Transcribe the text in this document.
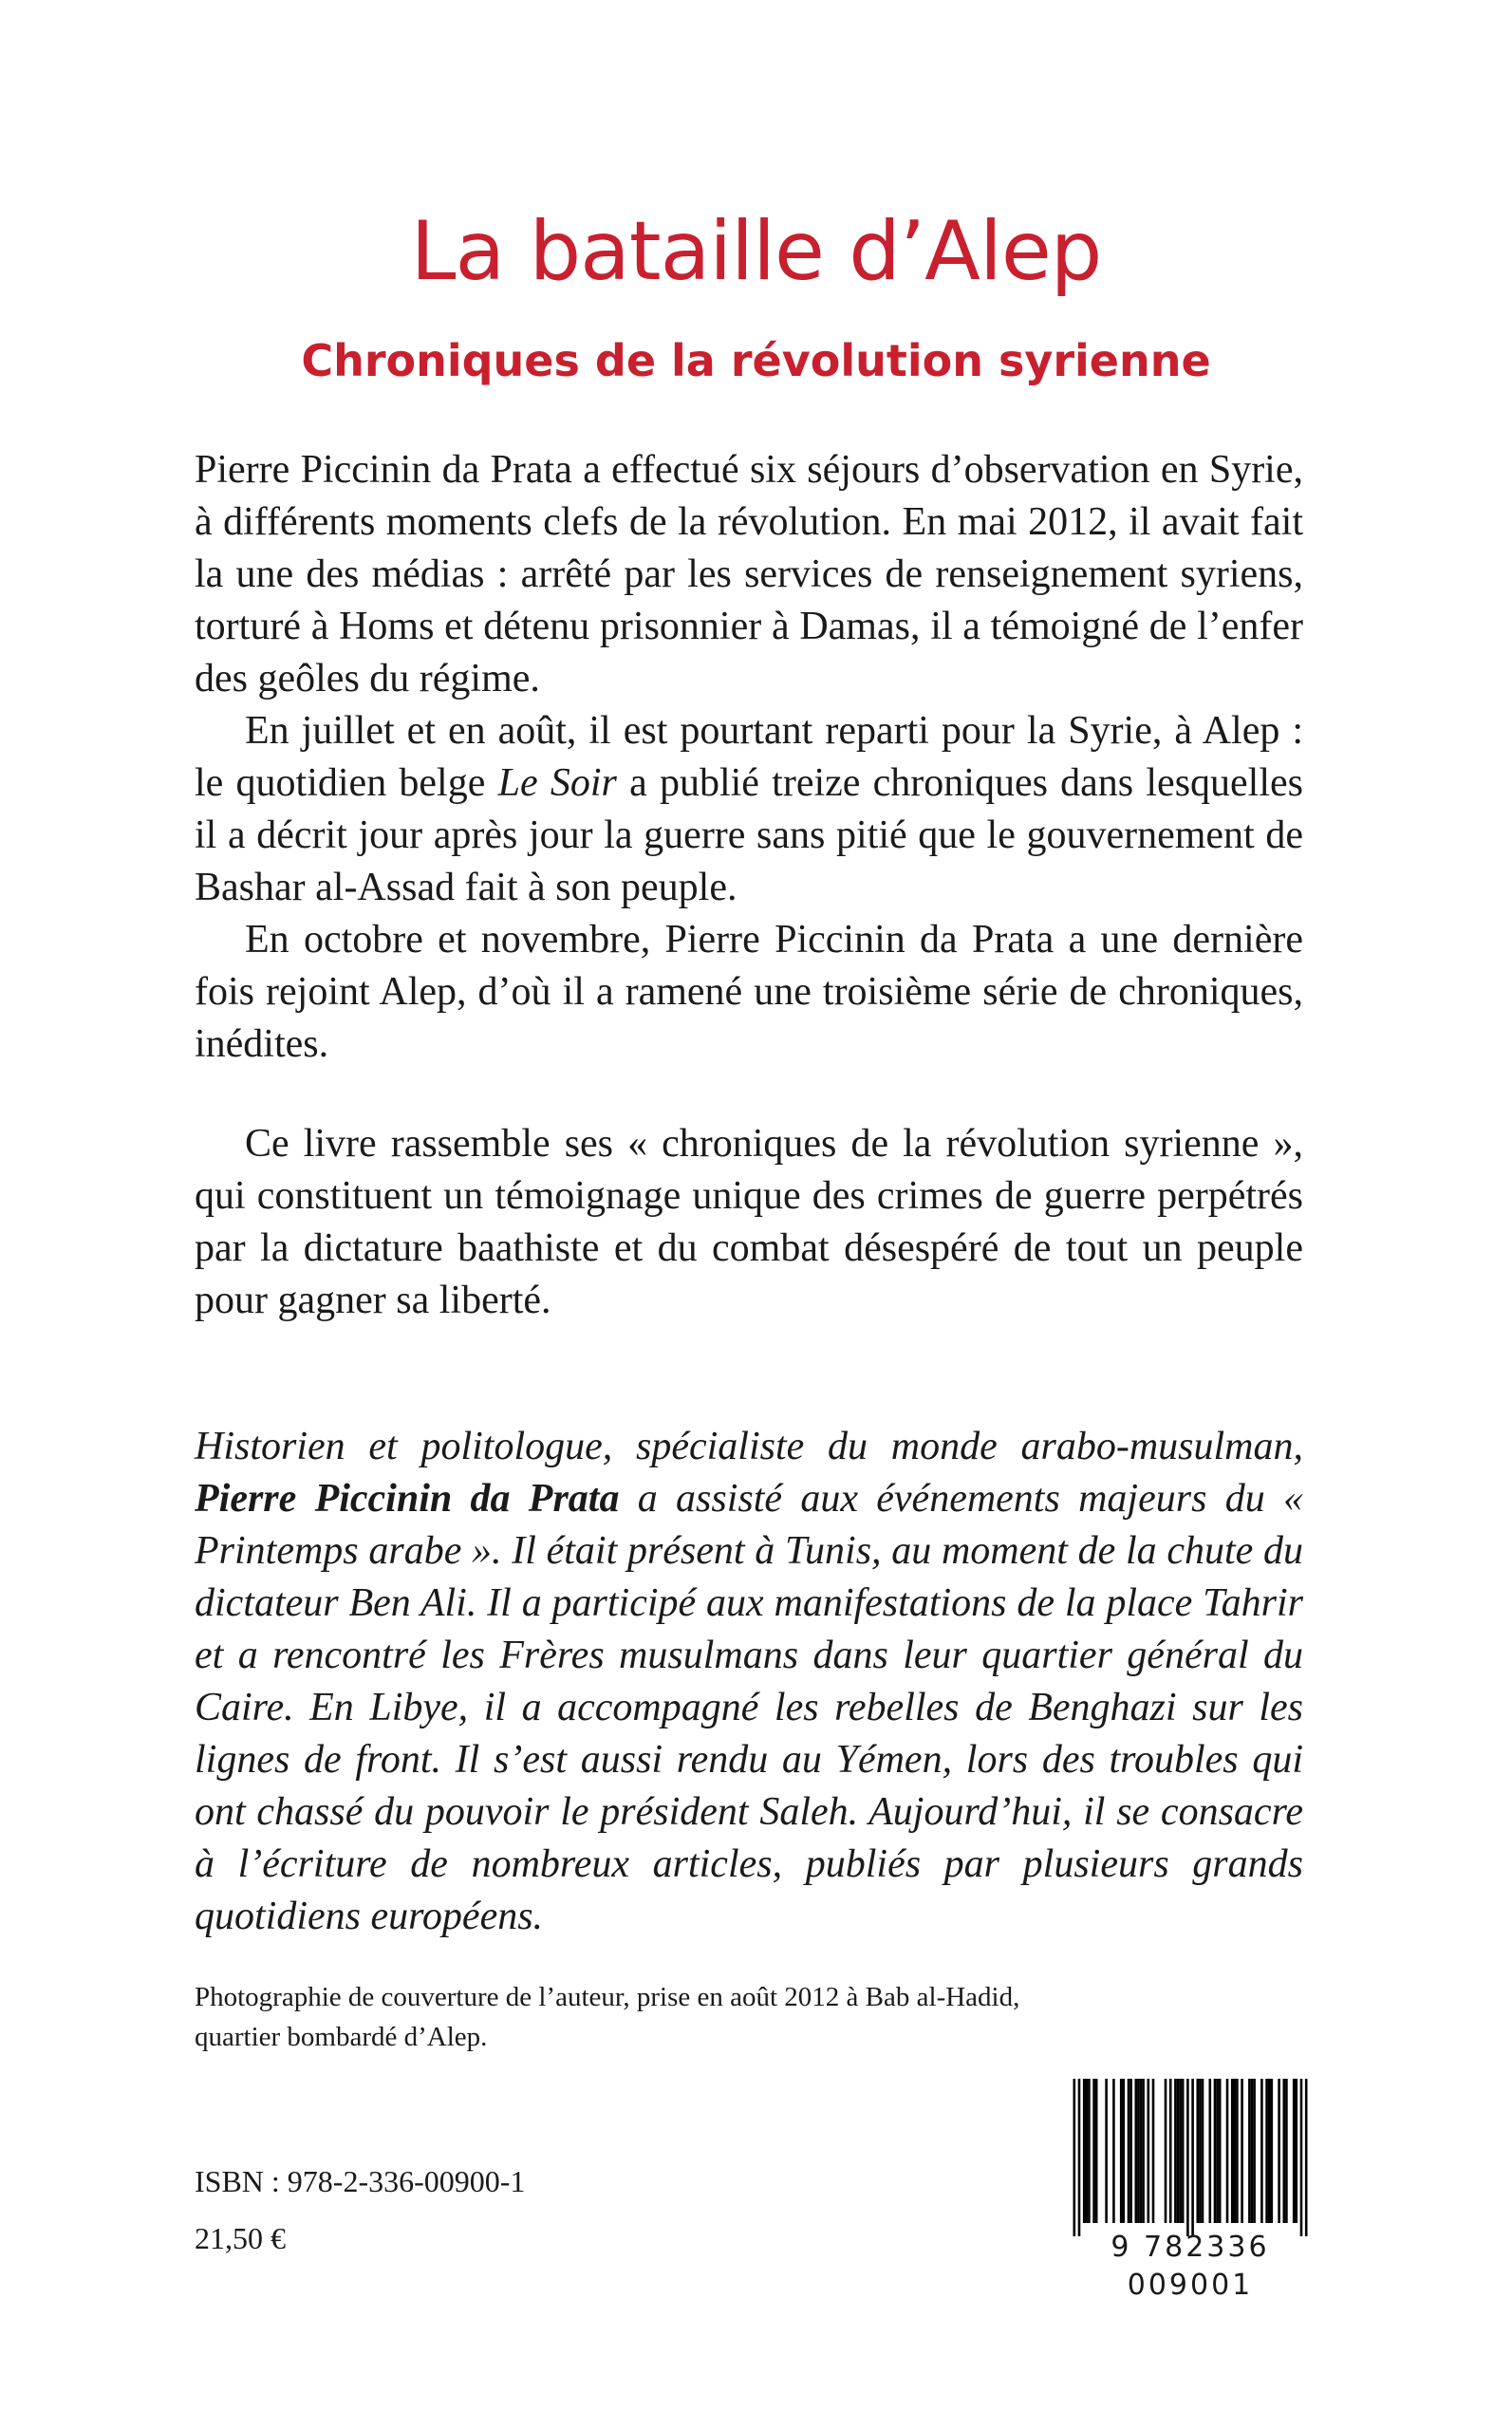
La bataille d’Alep
Chroniques de la révolution syrienne

Pierre Piccinin da Prata a effectué six séjours d’observation en Syrie, à différents moments clefs de la révolution. En mai 2012, il avait fait la une des médias : arrêté par les services de renseignement syriens, torturé à Homs et détenu prisonnier à Damas, il a témoigné de l’enfer des geôles du régime.

En juillet et en août, il est pourtant reparti pour la Syrie, à Alep : le quotidien belge Le Soir a publié treize chroniques dans lesquelles il a décrit jour après jour la guerre sans pitié que le gouvernement de Bashar al-Assad fait à son peuple.

En octobre et novembre, Pierre Piccinin da Prata a une dernière fois rejoint Alep, d’où il a ramené une troisième série de chroniques, inédites.

Ce livre rassemble ses « chroniques de la révolution syrienne », qui constituent un témoignage unique des crimes de guerre perpétrés par la dictature baathiste et du combat désespéré de tout un peuple pour gagner sa liberté.

Historien et politologue, spécialiste du monde arabo-musulman, Pierre Piccinin da Prata a assisté aux événements majeurs du « Printemps arabe ». Il était présent à Tunis, au moment de la chute du dictateur Ben Ali. Il a participé aux manifestations de la place Tahrir et a rencontré les Frères musulmans dans leur quartier général du Caire. En Libye, il a accompagné les rebelles de Benghazi sur les lignes de front. Il s’est aussi rendu au Yémen, lors des troubles qui ont chassé du pouvoir le président Saleh. Aujourd’hui, il se consacre à l’écriture de nombreux articles, publiés par plusieurs grands quotidiens européens.

Photographie de couverture de l’auteur, prise en août 2012 à Bab al-Hadid,
quartier bombardé d’Alep.

ISBN : 978-2-336-00900-1

21,50 €	9 782336 009001
